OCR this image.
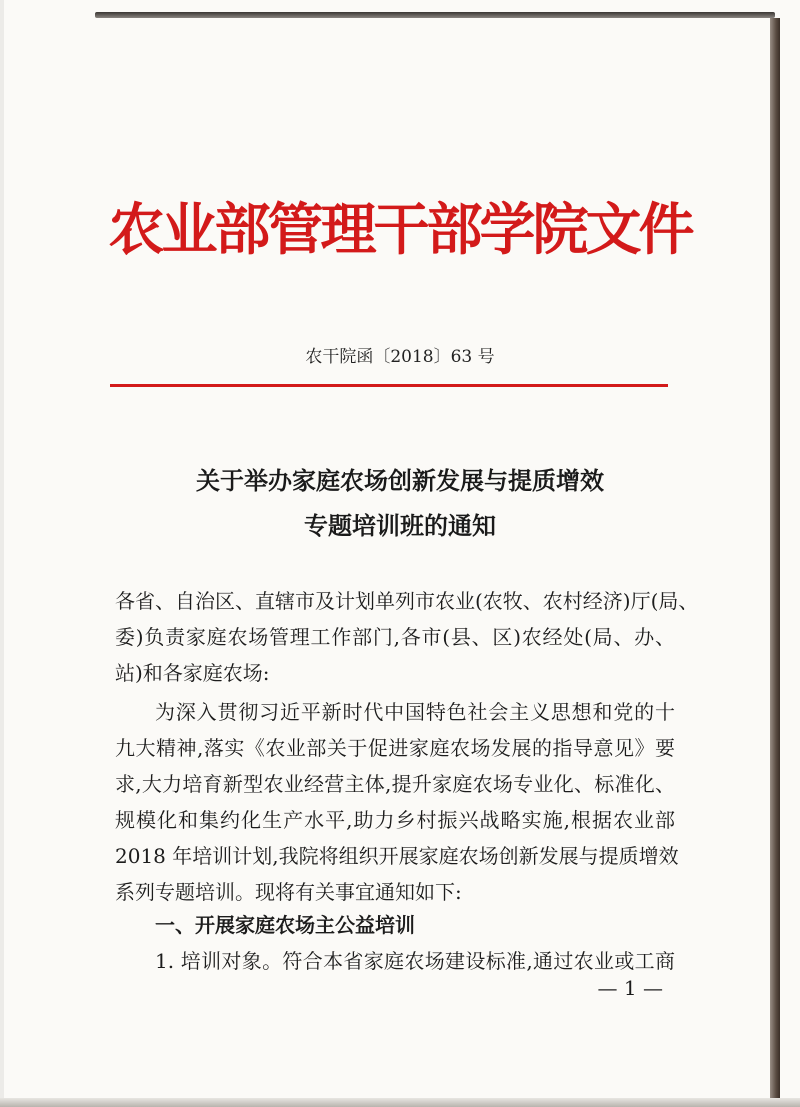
农业部管理干部学院文件
农干院函〔2018〕63 号
关于举办家庭农场创新发展与提质增效
专题培训班的通知

各省、自治区、直辖市及计划单列市农业(农牧、农村经济)厅(局、

委)负责家庭农场管理工作部门,各市(县、区)农经处(局、办、

站)和各家庭农场:

为深入贯彻习近平新时代中国特色社会主义思想和党的十

九大精神,落实《农业部关于促进家庭农场发展的指导意见》要

求,大力培育新型农业经营主体,提升家庭农场专业化、标准化、

规模化和集约化生产水平,助力乡村振兴战略实施,根据农业部

2018 年培训计划,我院将组织开展家庭农场创新发展与提质增效

系列专题培训。现将有关事宜通知如下:

一、开展家庭农场主公益培训

1. 培训对象。符合本省家庭农场建设标准,通过农业或工商

— 1 —
